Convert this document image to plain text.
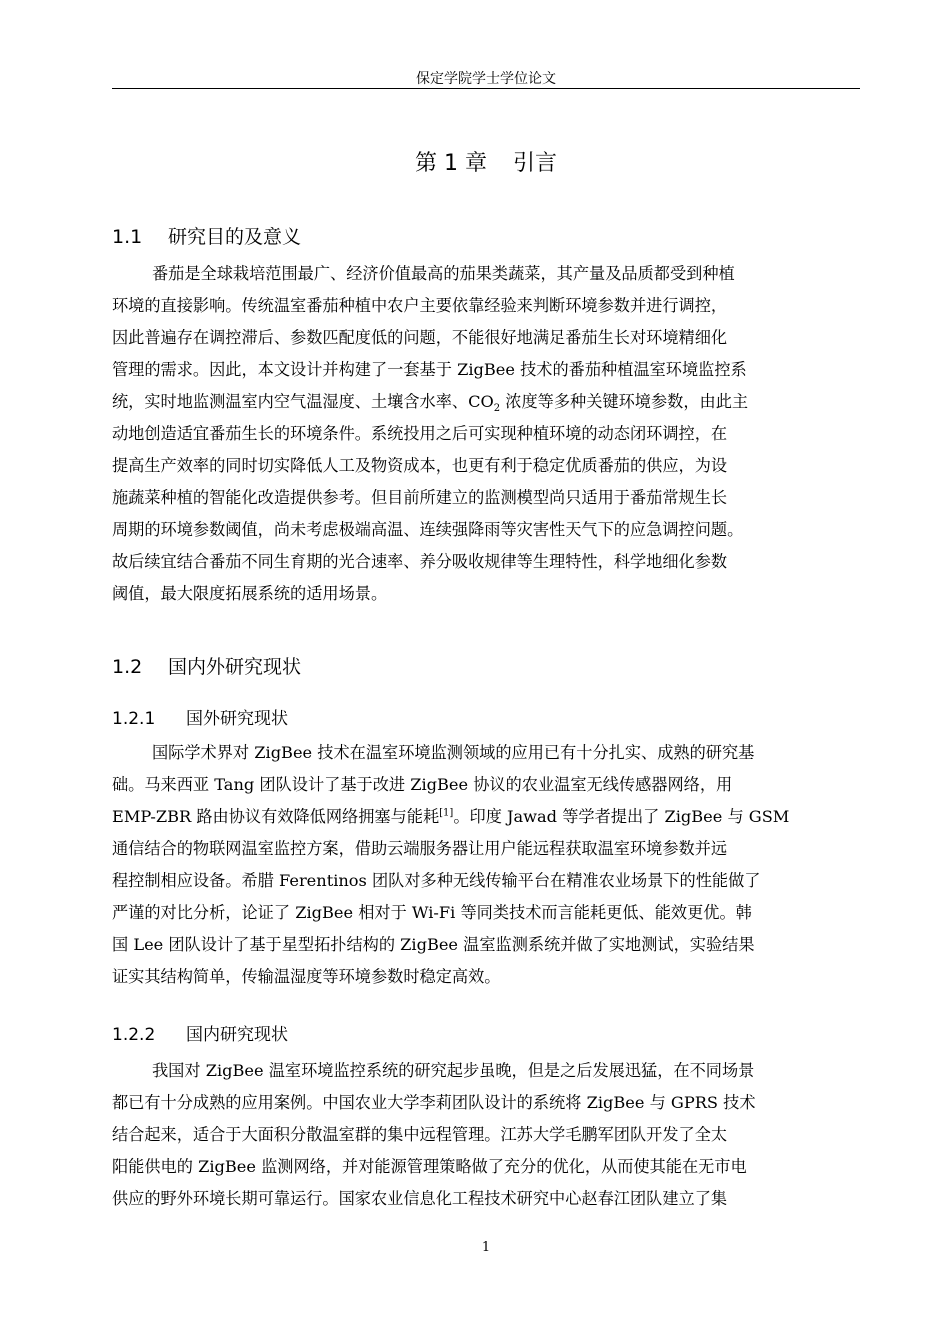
保定学院学士学位论文
第 1 章 引言
1.1 研究目的及意义
番茄是全球栽培范围最广、经济价值最高的茄果类蔬菜，其产量及品质都受到种植
环境的直接影响。传统温室番茄种植中农户主要依靠经验来判断环境参数并进行调控，
因此普遍存在调控滞后、参数匹配度低的问题，不能很好地满足番茄生长对环境精细化
管理的需求。因此，本文设计并构建了一套基于 ZigBee 技术的番茄种植温室环境监控系
统，实时地监测温室内空气温湿度、土壤含水率、$CO_2$ 浓度等多种关键环境参数，由此主
动地创造适宜番茄生长的环境条件。系统投用之后可实现种植环境的动态闭环调控，在
提高生产效率的同时切实降低人工及物资成本，也更有利于稳定优质番茄的供应，为设
施蔬菜种植的智能化改造提供参考。但目前所建立的监测模型尚只适用于番茄常规生长
周期的环境参数阈值，尚未考虑极端高温、连续强降雨等灾害性天气下的应急调控问题。
故后续宜结合番茄不同生育期的光合速率、养分吸收规律等生理特性，科学地细化参数
阈值，最大限度拓展系统的适用场景。
1.2 国内外研究现状
1.2.1 国外研究现状
国际学术界对 ZigBee 技术在温室环境监测领域的应用已有十分扎实、成熟的研究基
础。马来西亚 Tang 团队设计了基于改进 ZigBee 协议的农业温室无线传感器网络，用
EMP-ZBR 路由协议有效降低网络拥塞与能耗[1]。印度 Jawad 等学者提出了 ZigBee 与 GSM
通信结合的物联网温室监控方案，借助云端服务器让用户能远程获取温室环境参数并远
程控制相应设备。希腊 Ferentinos 团队对多种无线传输平台在精准农业场景下的性能做了
严谨的对比分析，论证了 ZigBee 相对于 Wi-Fi 等同类技术而言能耗更低、能效更优。韩
国 Lee 团队设计了基于星型拓扑结构的 ZigBee 温室监测系统并做了实地测试，实验结果
证实其结构简单，传输温湿度等环境参数时稳定高效。
1.2.2 国内研究现状
我国对 ZigBee 温室环境监控系统的研究起步虽晚，但是之后发展迅猛，在不同场景
都已有十分成熟的应用案例。中国农业大学李莉团队设计的系统将 ZigBee 与 GPRS 技术
结合起来，适合于大面积分散温室群的集中远程管理。江苏大学毛鹏军团队开发了全太
阳能供电的 ZigBee 监测网络，并对能源管理策略做了充分的优化，从而使其能在无市电
供应的野外环境长期可靠运行。国家农业信息化工程技术研究中心赵春江团队建立了集
1
